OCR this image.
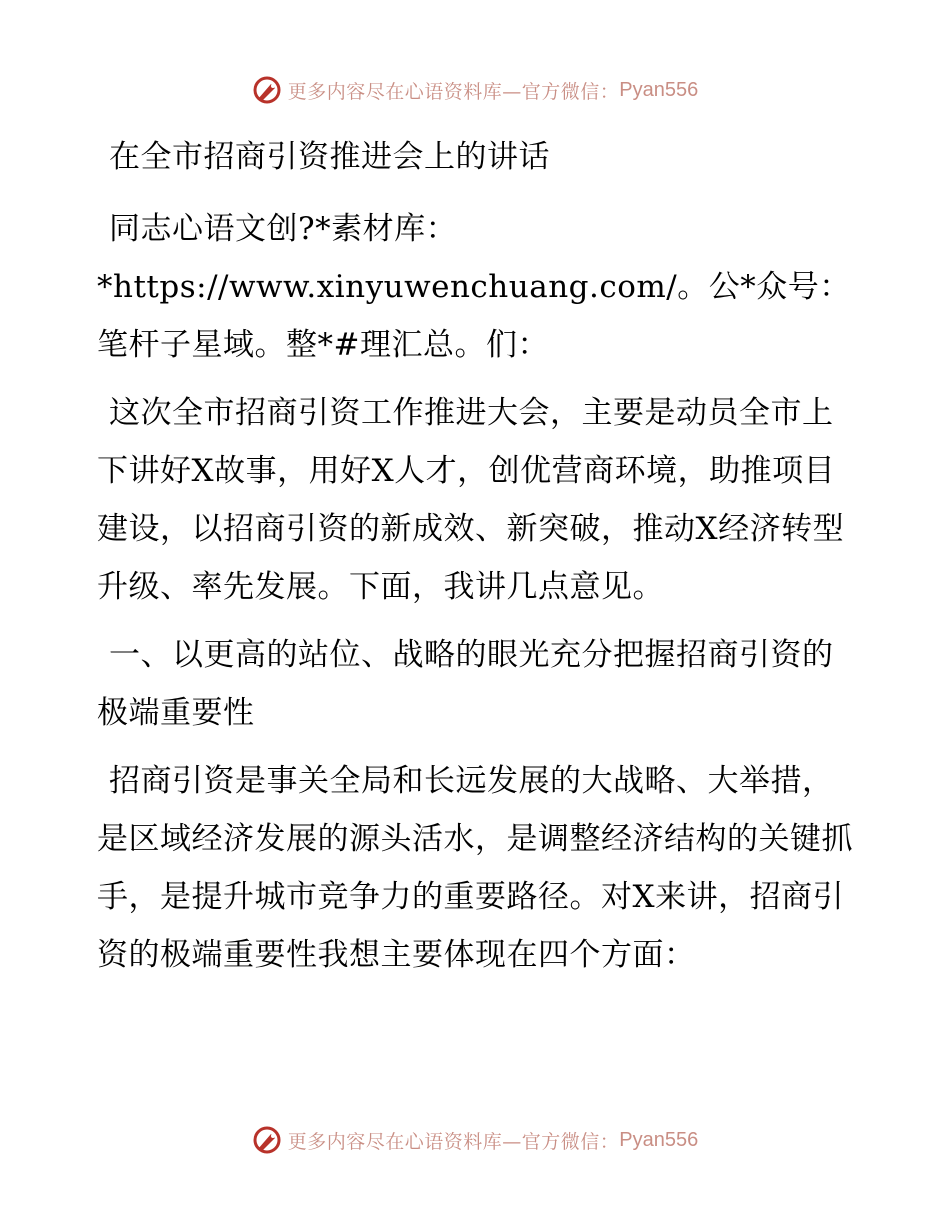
更多内容尽在心语资料库—官方微信： Pyan556

在全市招商引资推进会上的讲话

同志心语文创?*素材库：*https://www.xinyuwenchuang.com/。公*众号：笔杆子星域。整*#理汇总。们：

这次全市招商引资工作推进大会，主要是动员全市上下讲好X故事，用好X人才，创优营商环境，助推项目建设，以招商引资的新成效、新突破，推动X经济转型升级、率先发展。下面，我讲几点意见。

一、以更高的站位、战略的眼光充分把握招商引资的极端重要性

招商引资是事关全局和长远发展的大战略、大举措，是区域经济发展的源头活水，是调整经济结构的关键抓手，是提升城市竞争力的重要路径。对X来讲，招商引资的极端重要性我想主要体现在四个方面：

更多内容尽在心语资料库—官方微信： Pyan556
